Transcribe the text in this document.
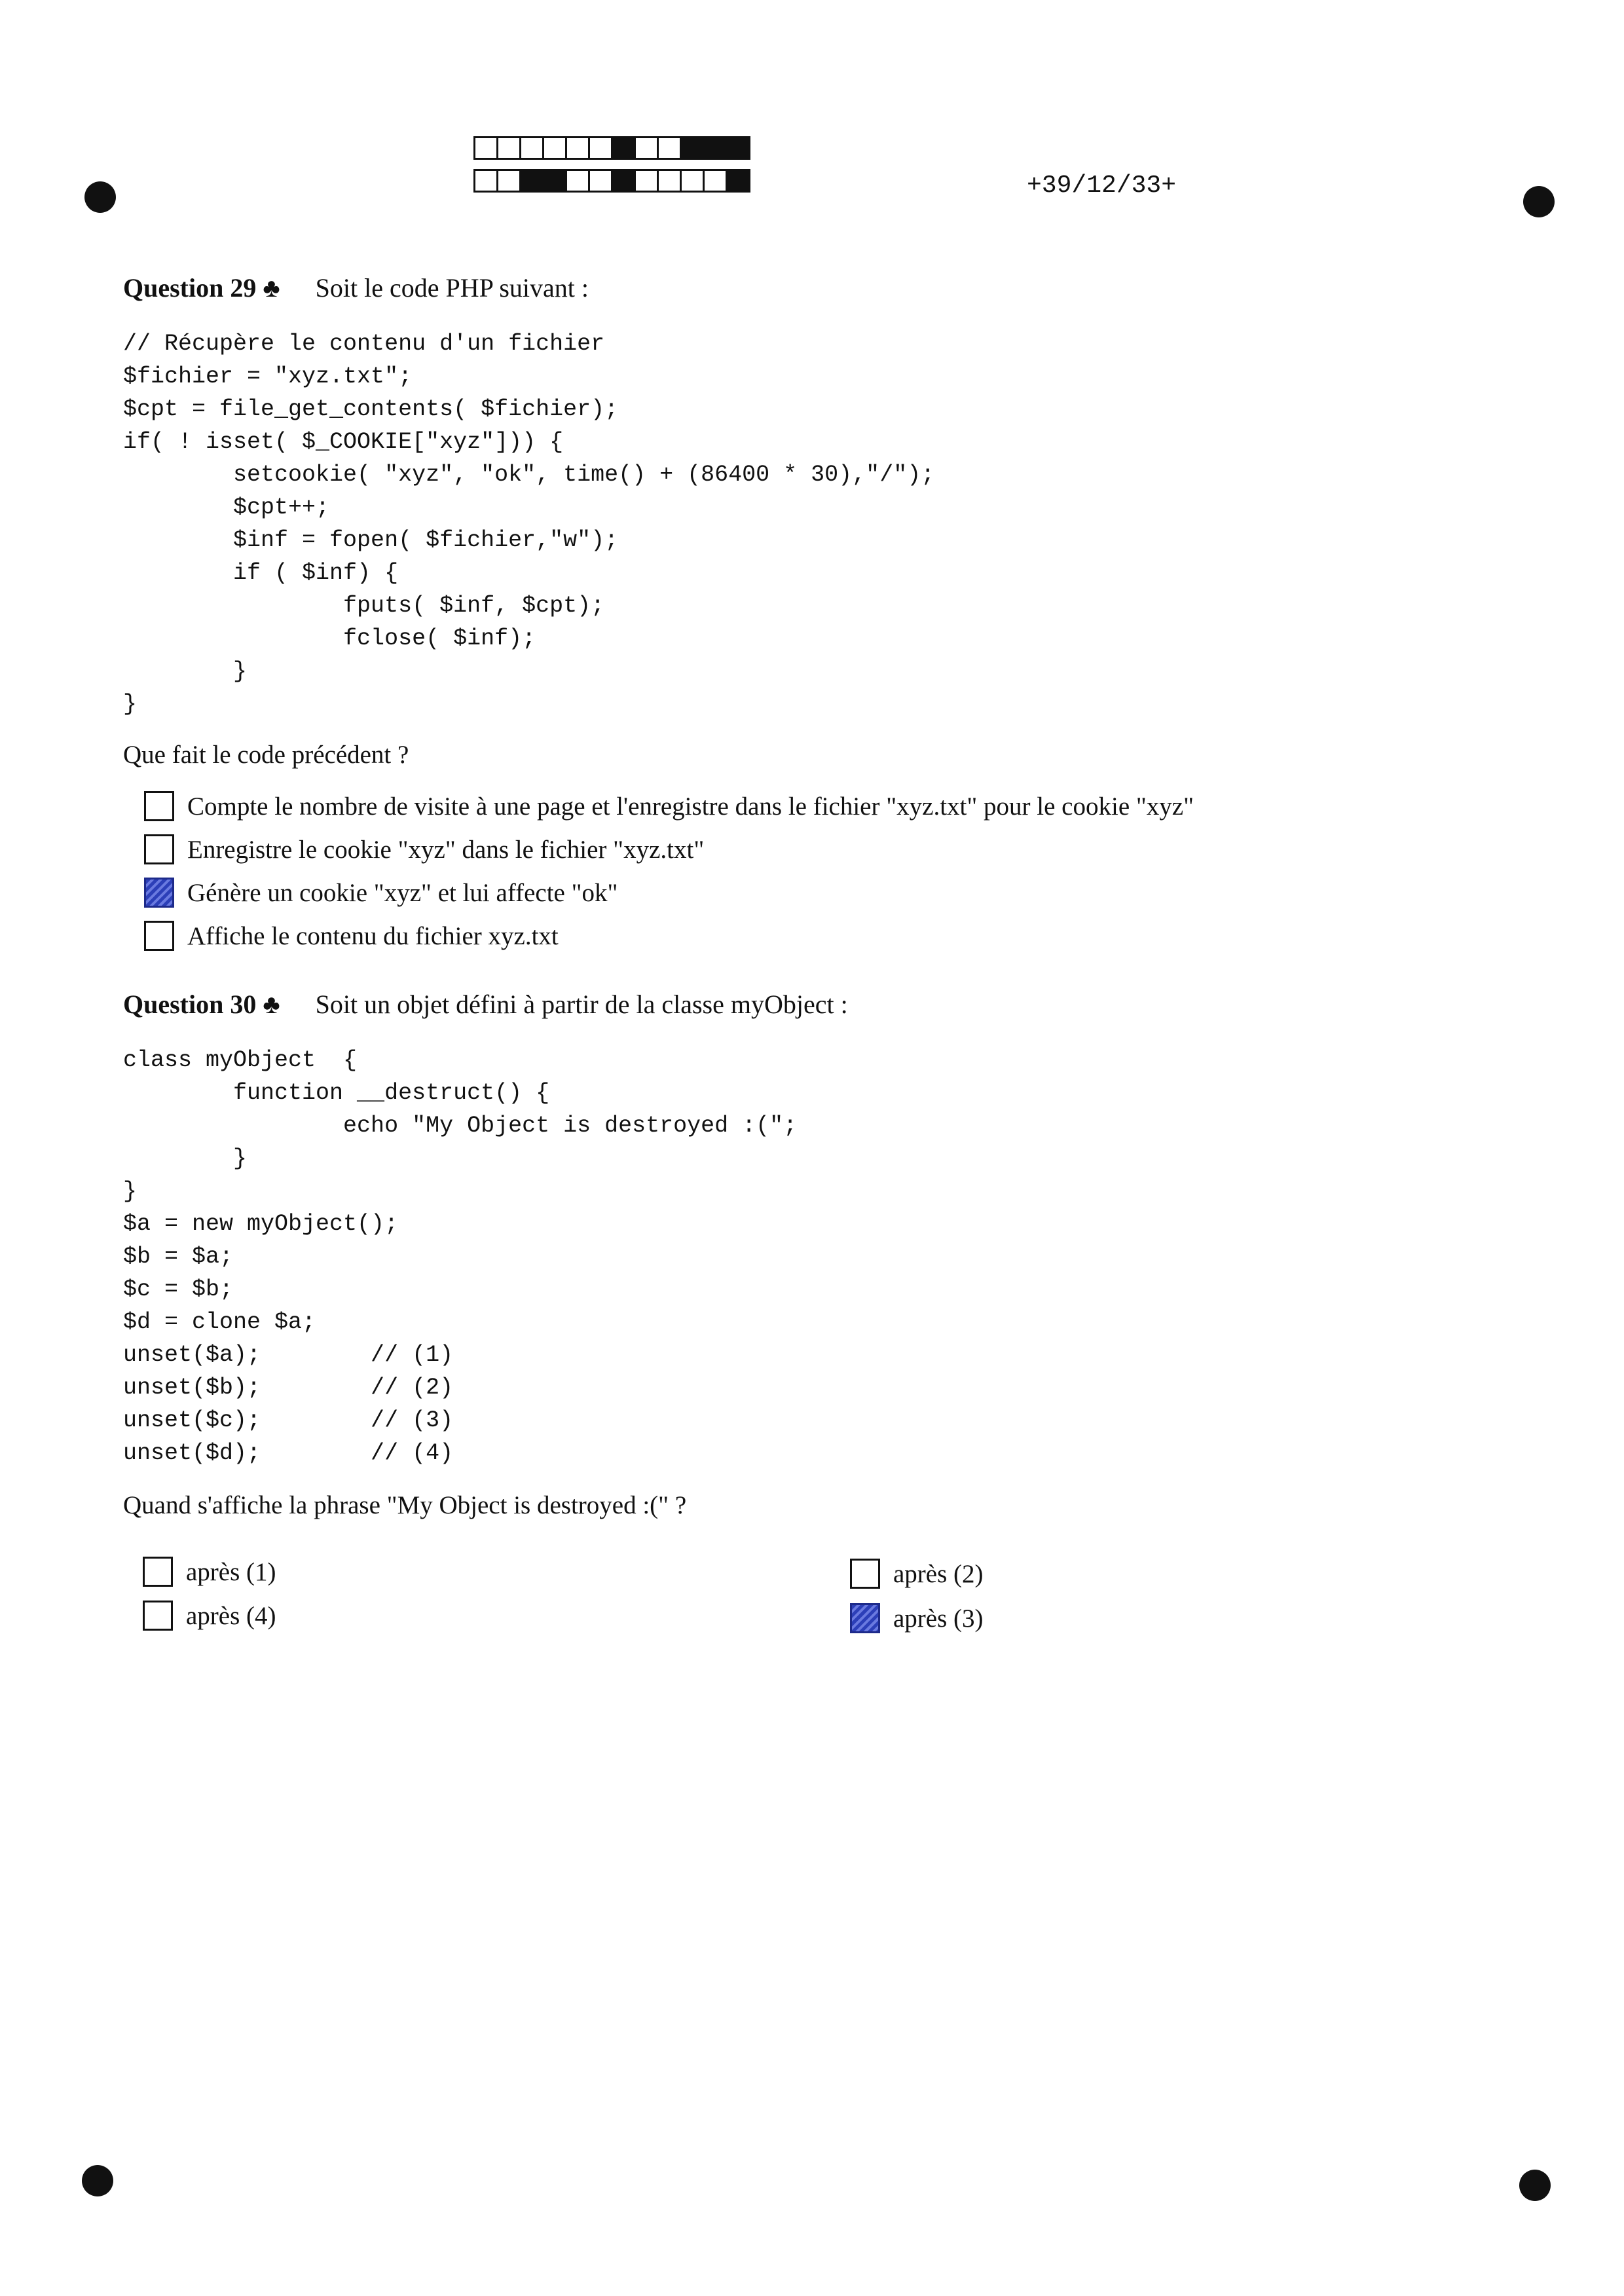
+39/12/33+
Question 29 ♣ Soit le code PHP suivant :
// Récupère le contenu d'un fichier
$fichier = "xyz.txt";
$cpt = file_get_contents( $fichier);
if( ! isset( $_COOKIE["xyz"])) {
setcookie( "xyz", "ok", time() + (86400 * 30),"/");
$cpt++;
$inf = fopen( $fichier,"w");
if ( $inf) {
fputs( $inf, $cpt);
fclose( $inf);
}
}
Que fait le code précédent ?
Compte le nombre de visite à une page et l'enregistre dans le fichier "xyz.txt" pour le cookie "xyz"
Enregistre le cookie "xyz" dans le fichier "xyz.txt"
Génère un cookie "xyz" et lui affecte "ok"
Affiche le contenu du fichier xyz.txt
Question 30 ♣ Soit un objet défini à partir de la classe myObject :
class myObject  {
function __destruct() {
echo "My Object is destroyed :(";
}
}
$a = new myObject();
$b = $a;
$c = $b;
$d = clone $a;
unset($a);        // (1)
unset($b);        // (2)
unset($c);        // (3)
unset($d);        // (4)
Quand s'affiche la phrase "My Object is destroyed :(" ?
après (1)	après (2)
après (4)	après (3)
